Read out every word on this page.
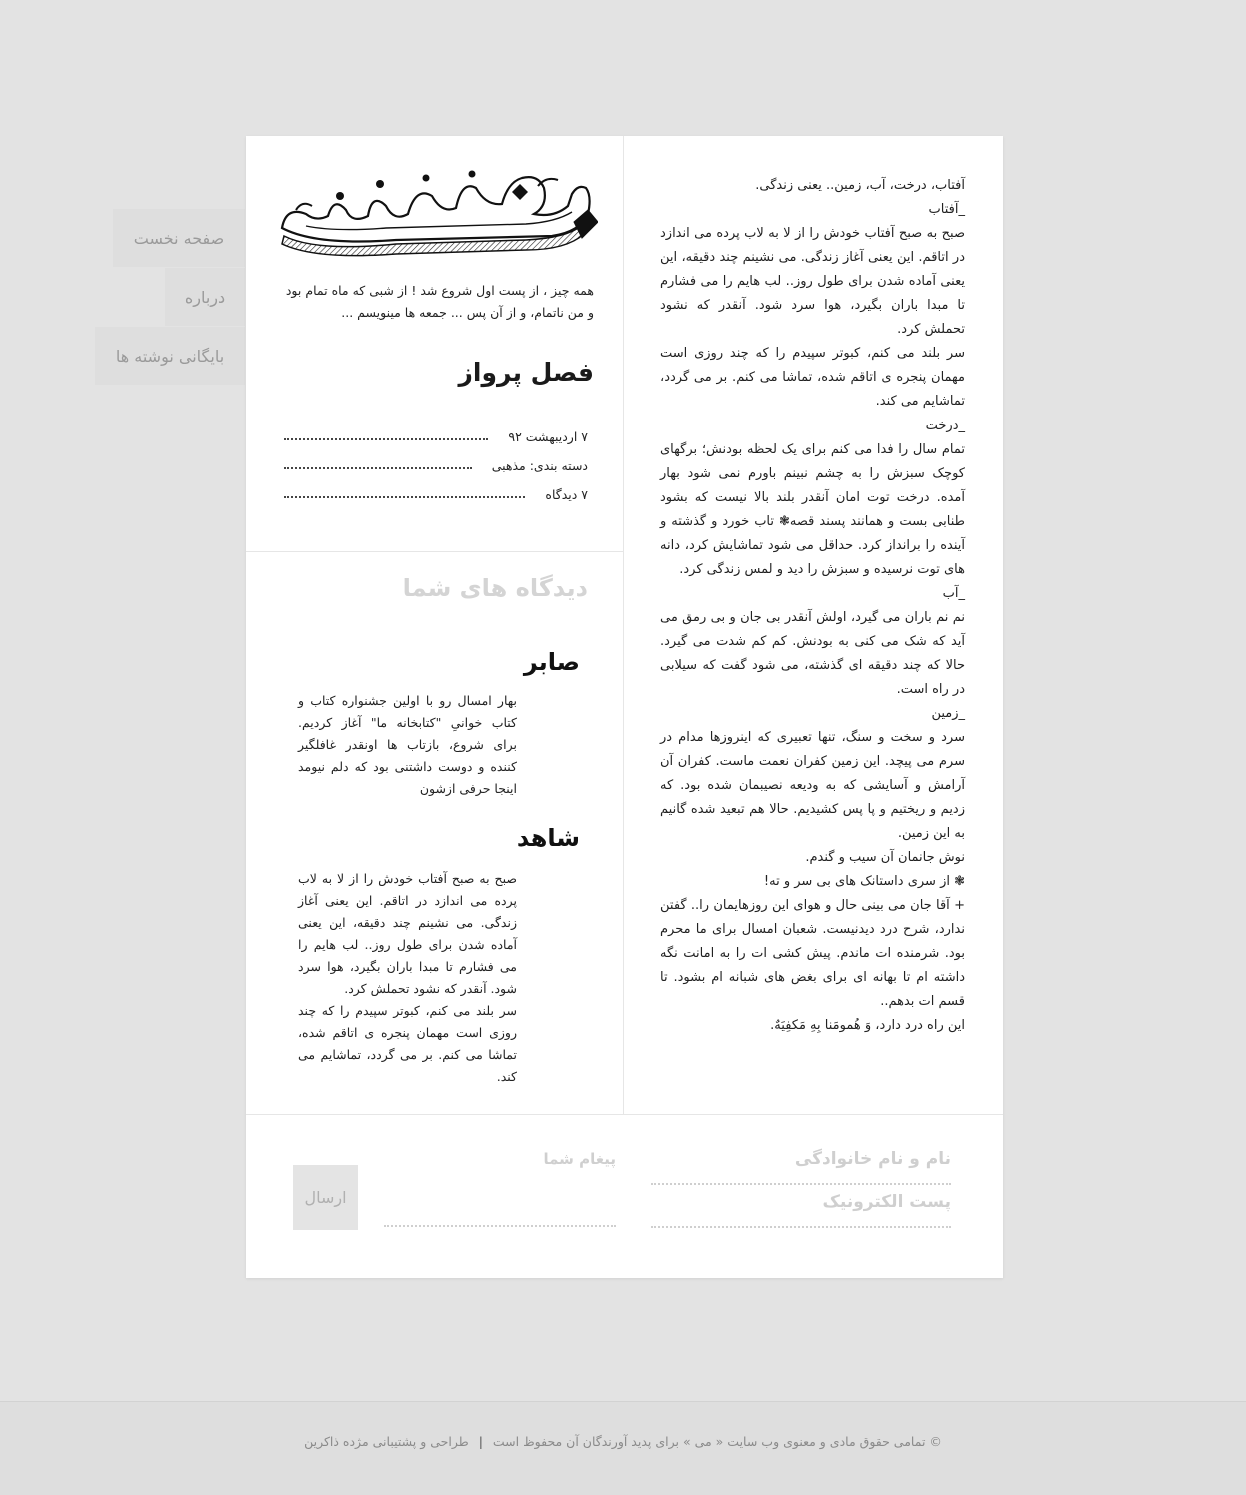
صفحه نخست
درباره
بایگانی نوشته ها
همه چیز ، از پست اول شروع شد ! از شبی که ماه تمام بود و من ناتمام، و از آن پس ... جمعه ها مینویسم ...
فصل پرواز
۷ اردیبهشت ۹۲
دسته بندی: مذهبی
۷ دیدگاه
دیدگاه های شما
صابر

بهار امسال رو با اولین جشنواره کتاب و کتاب خوانیِ "کتابخانه ما" آغاز کردیم. برای شروع، بازتاب ها اونقدر غافلگیر کننده و دوست داشتنی بود که دلم نیومد اینجا حرفی ازشون

شاهد

صبح به صبح آفتاب خودش را از لا به لاب پرده می اندازد در اتاقم. این یعنی آغاز زندگی. می نشینم چند دقیقه، این یعنی آماده شدن برای طول روز.. لب هایم را می فشارم تا مبدا باران بگیرد، هوا سرد شود. آنقدر که نشود تحملش کرد.

سر بلند می کنم، کبوتر سپیدم را که چند روزی است مهمان پنجره ی اتاقم شده، تماشا می کنم. بر می گردد، تماشایم می کند.

آفتاب، درخت، آب، زمین.. یعنی زندگی.

_آفتاب

صبح به صبح آفتاب خودش را از لا به لاب پرده می اندازد در اتاقم. این یعنی آغاز زندگی. می نشینم چند دقیقه، این یعنی آماده شدن برای طول روز.. لب هایم را می فشارم تا مبدا باران بگیرد، هوا سرد شود. آنقدر که نشود تحملش کرد.

سر بلند می کنم، کبوتر سپیدم را که چند روزی است مهمان پنجره ی اتاقم شده، تماشا می کنم. بر می گردد، تماشایم می کند.

_درخت

تمام سال را فدا می کنم برای یک لحظه بودنش؛ برگهای کوچک سبزش را به چشم نبینم باورم نمی شود بهار آمده. درخت توت امان آنقدر بلند بالا نیست که بشود طنابی بست و همانند پسند قصه❃ تاب خورد و گذشته و آینده را برانداز کرد. حداقل می شود تماشایش کرد، دانه های توت نرسیده و سبزش را دید و لمس زندگی کرد.

_آب

نم نم باران می گیرد، اولش آنقدر بی جان و بی رمق می آید که شک می کنی به بودنش. کم کم شدت می گیرد. حالا که چند دقیقه ای گذشته، می شود گفت که سیلابی در راه است.

_زمین

سرد و سخت و سنگ، تنها تعبیری که اینروزها مدام در سرم می پیچد. این زمین کفران نعمت ماست. کفران آن آرامش و آسایشی که به ودیعه نصیبمان شده بود. که زدیم و ریختیم و پا پس کشیدیم. حالا هم تبعید شده گانیم به این زمین.

نوش جانمان آن سیب و گندم.

❃ از سری داستانک های بی سر و ته!

+ آقا جان می بینی حال و هوای این روزهایمان را.. گفتن ندارد، شرح درد دیدنیست. شعبان امسال برای ما محرم بود. شرمنده ات ماندم. پیش کشی ات را به امانت نگه داشته ام تا بهانه ای برای بغض های شبانه ام بشود. تا قسم ات بدهم..

این راه درد دارد، وَ هُمومَنا بِهِ مَکفِیَهٌ.

نام و نام خانوادگی
پست الکترونیک
پیغام شما
ارسال
© تمامی حقوق مادی و معنوی وب سایت « می » برای پدید آورندگان آن محفوظ است | طراحی و پشتیبانی مژده ذاکرین
